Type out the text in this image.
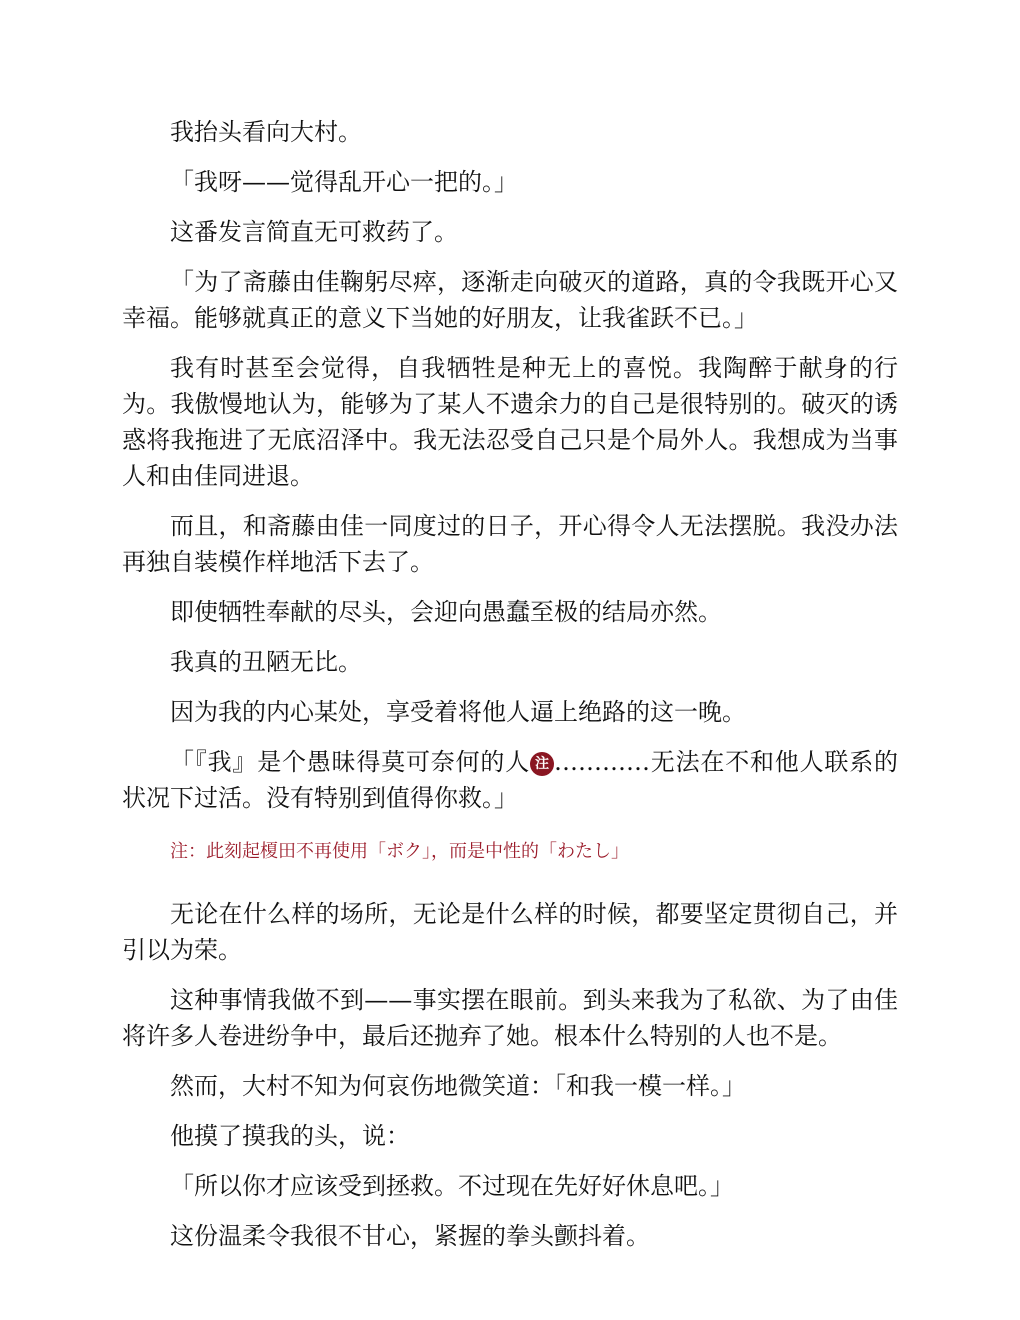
我抬头看向大村。

「我呀——觉得乱开心一把的。」

这番发言简直无可救药了。

「为了斋藤由佳鞠躬尽瘁，逐渐走向破灭的道路，真的令我既开心又幸福。能够就真正的意义下当她的好朋友，让我雀跃不已。」

我有时甚至会觉得，自我牺牲是种无上的喜悦。我陶醉于献身的行为。我傲慢地认为，能够为了某人不遗余力的自己是很特别的。破灭的诱惑将我拖进了无底沼泽中。我无法忍受自己只是个局外人。我想成为当事人和由佳同进退。

而且，和斋藤由佳一同度过的日子，开心得令人无法摆脱。我没办法再独自装模作样地活下去了。

即使牺牲奉献的尽头，会迎向愚蠢至极的结局亦然。

我真的丑陋无比。

因为我的内心某处，享受着将他人逼上绝路的这一晚。

「『我』是个愚昧得莫可奈何的人 注 …………无法在不和他人联系的状况下过活。没有特别到值得你救。」

注：此刻起榎田不再使用「ボク」，而是中性的「わたし」

无论在什么样的场所，无论是什么样的时候，都要坚定贯彻自己，并引以为荣。

这种事情我做不到——事实摆在眼前。到头来我为了私欲、为了由佳将许多人卷进纷争中，最后还抛弃了她。根本什么特别的人也不是。

然而，大村不知为何哀伤地微笑道：「和我一模一样。」

他摸了摸我的头，说：

「所以你才应该受到拯救。不过现在先好好休息吧。」

这份温柔令我很不甘心，紧握的拳头颤抖着。
